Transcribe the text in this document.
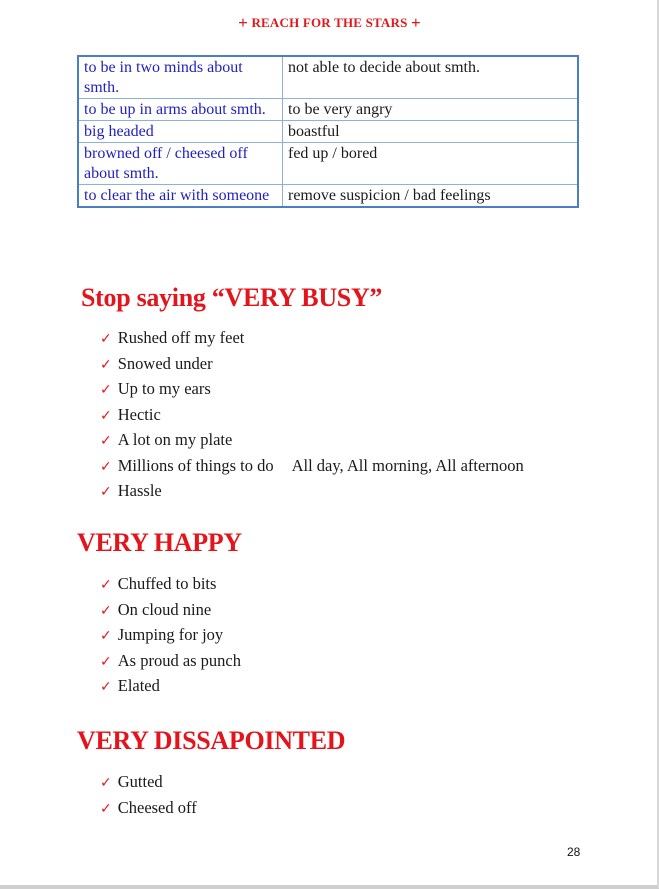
+ REACH FOR THE STARS +
to be in two minds about smth.	not able to decide about smth.
to be up in arms about smth.	to be very angry
big headed	boastful
browned off / cheesed off about smth.	fed up / bored
to clear the air with someone	remove suspicion / bad feelings
Stop saying “VERY BUSY”
✓ Rushed off my feet
✓ Snowed under
✓ Up to my ears
✓ Hectic
✓ A lot on my plate
✓ Millions of things to do All day, All morning, All afternoon
✓ Hassle
VERY HAPPY
✓ Chuffed to bits
✓ On cloud nine
✓ Jumping for joy
✓ As proud as punch
✓ Elated
VERY DISSAPOINTED
✓ Gutted
✓ Cheesed off
28
